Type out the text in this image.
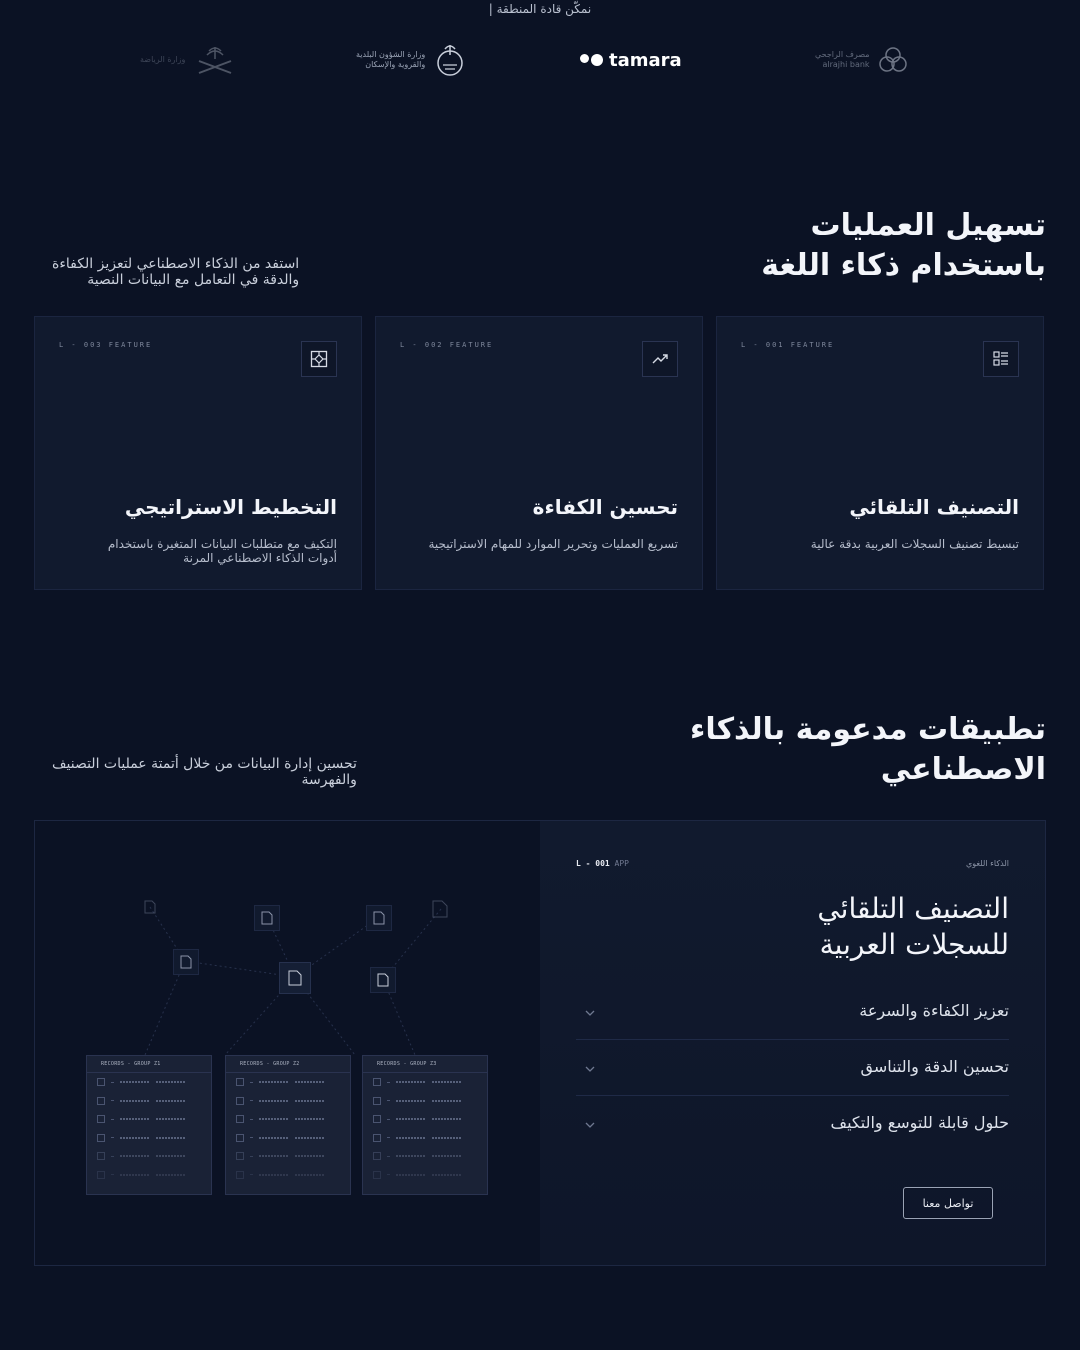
نمكّن قادة المنطقة |
وزارة الرياضة
وزارة الشؤون البلدية
والقروية والإسكان	tamara	مصرف الراجحي
alrajhi bank
تسهيل العمليات
باستخدام ذكاء اللغة
استفد من الذكاء الاصطناعي لتعزيز الكفاءة
والدقة في التعامل مع البيانات النصية
L - 003 FEATURE
التخطيط الاستراتيجي
التكيف مع متطلبات البيانات المتغيرة باستخدام
أدوات الذكاء الاصطناعي المرنة
L - 002 FEATURE
تحسين الكفاءة
تسريع العمليات وتحرير الموارد للمهام الاستراتيجية
L - 001 FEATURE
التصنيف التلقائي
تبسيط تصنيف السجلات العربية بدقة عالية
تطبيقات مدعومة بالذكاء
الاصطناعي
تحسين إدارة البيانات من خلال أتمتة عمليات التصنيف
والفهرسة
RECORDS - GROUP Z1	RECORDS - GROUP Z2	RECORDS - GROUP Z3
L - 001 APP	الذكاء اللغوي
التصنيف التلقائي
للسجلات العربية
تعزيز الكفاءة والسرعة
تحسين الدقة والتناسق
حلول قابلة للتوسع والتكيف
تواصل معنا
